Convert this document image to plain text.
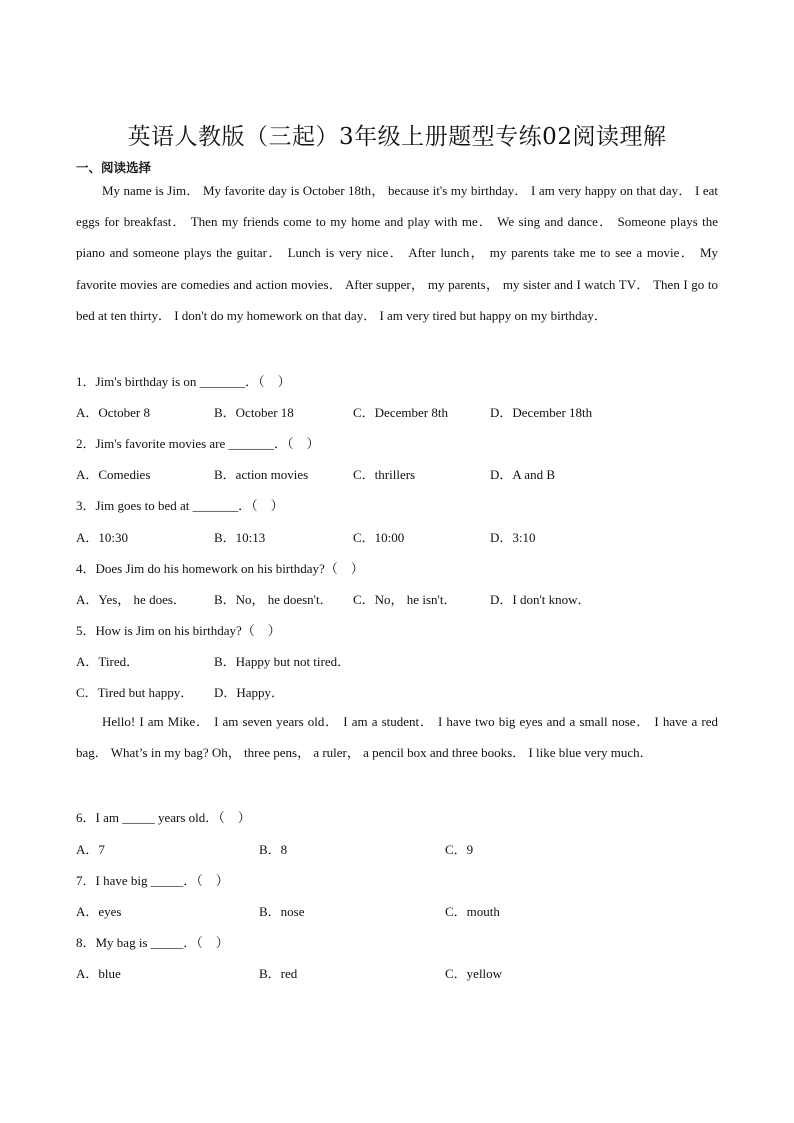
英语人教版（三起）3年级上册题型专练02阅读理解
一、阅读选择

My name is Jim． My favorite day is October 18th， because it's my birthday． I am very happy on that day． I eat eggs for breakfast． Then my friends come to my home and play with me． We sing and dance． Someone plays the piano and someone plays the guitar． Lunch is very nice． After lunch， my parents take me to see a movie． My favorite movies are comedies and action movies． After supper， my parents， my sister and I watch TV． Then I go to bed at ten thirty． I don't do my homework on that day． I am very tired but happy on my birthday．

1．Jim's birthday is on _______．（　）
A．October 8	B．October 18	C．December 8th	D．December 18th
2．Jim's favorite movies are _______．（　）
A．Comedies	B．action movies	C．thrillers	D．A and B
3．Jim goes to bed at _______．（　）
A．10:30	B．10:13	C．10:00	D．3:10
4．Does Jim do his homework on his birthday?（　）
A．Yes， he does． B．No， he doesn't． C．No， he isn't．	D．I don't know．
5．How is Jim on his birthday?（　）
A．Tired．	B．Happy but not tired．
C．Tired but happy． D．Happy．

Hello! I am Mike． I am seven years old． I am a student． I have two big eyes and a small nose． I have a red bag． What’s in my bag? Oh， three pens， a ruler， a pencil box and three books． I like blue very much．

6．I am _____ years old．（　）
A．7	B．8	C．9
7．I have big _____．（　）
A．eyes	B．nose	C．mouth
8．My bag is _____．（　）
A．blue	B．red	C．yellow
